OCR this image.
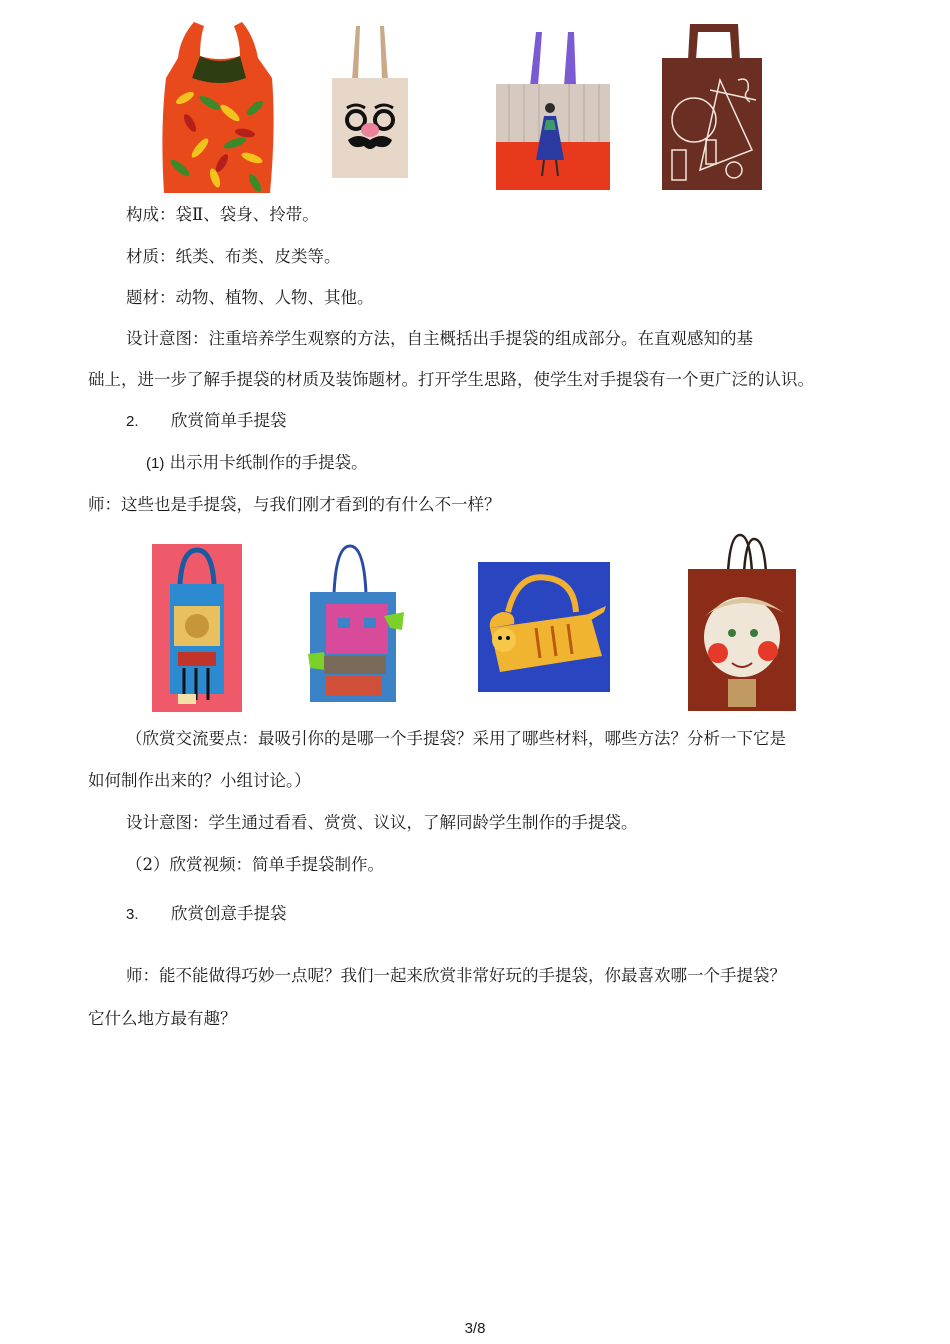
构成：袋Ⅱ、袋身、拎带。
材质：纸类、布类、皮类等。
题材：动物、植物、人物、其他。
设计意图：注重培养学生观察的方法，自主概括出手提袋的组成部分。在直观感知的基
础上，进一步了解手提袋的材质及装饰题材。打开学生思路，使学生对手提袋有一个更广泛的认识。
2. 欣赏简单手提袋
(1) 出示用卡纸制作的手提袋。
师：这些也是手提袋，与我们刚才看到的有什么不一样？
（欣赏交流要点：最吸引你的是哪一个手提袋？采用了哪些材料，哪些方法？分析一下它是
如何制作出来的？小组讨论。）
设计意图：学生通过看看、赏赏、议议，了解同龄学生制作的手提袋。
（2）欣赏视频：简单手提袋制作。
3. 欣赏创意手提袋
师：能不能做得巧妙一点呢？我们一起来欣赏非常好玩的手提袋，你最喜欢哪一个手提袋？
它什么地方最有趣？
3/8
